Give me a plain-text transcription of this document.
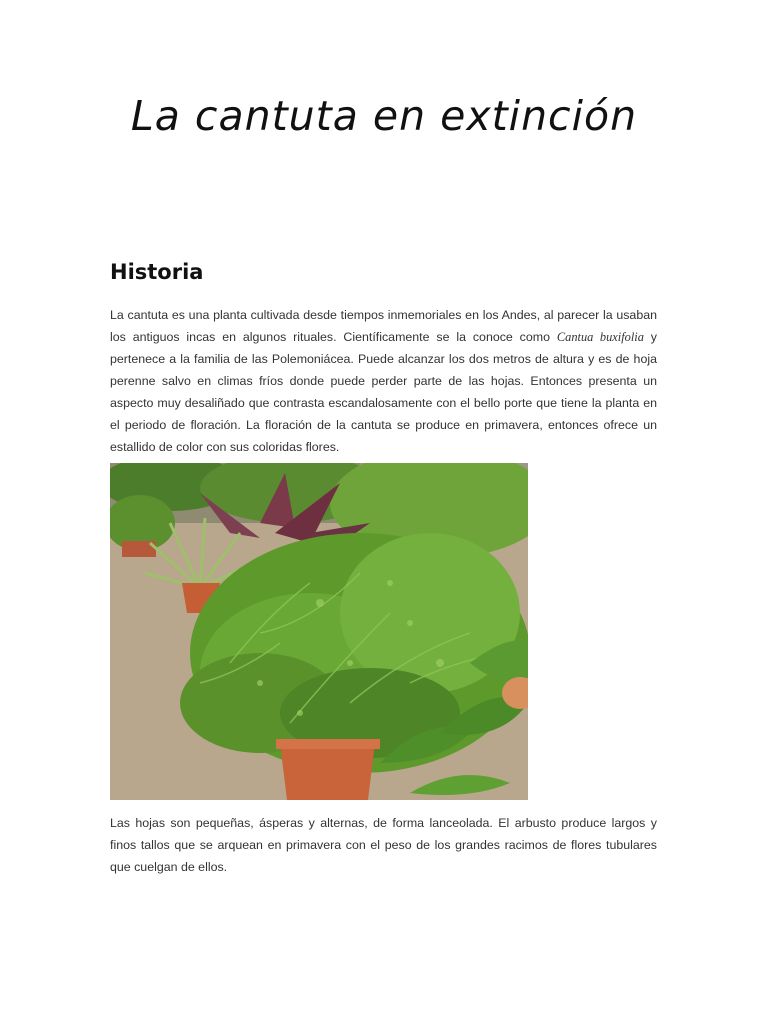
La cantuta en extinción
Historia

La cantuta es una planta cultivada desde tiempos inmemoriales en los Andes, al parecer la usaban los antiguos incas en algunos rituales. Científicamente se la conoce como Cantua buxifolia y pertenece a la familia de las Polemoniácea. Puede alcanzar los dos metros de altura y es de hoja perenne salvo en climas fríos donde puede perder parte de las hojas. Entonces presenta un aspecto muy desaliñado que contrasta escandalosamente con el bello porte que tiene la planta en el periodo de floración. La floración de la cantuta se produce en primavera, entonces ofrece un estallido de color con sus coloridas flores.

Las hojas son pequeñas, ásperas y alternas, de forma lanceolada. El arbusto produce largos y finos tallos que se arquean en primavera con el peso de los grandes racimos de flores tubulares que cuelgan de ellos.
